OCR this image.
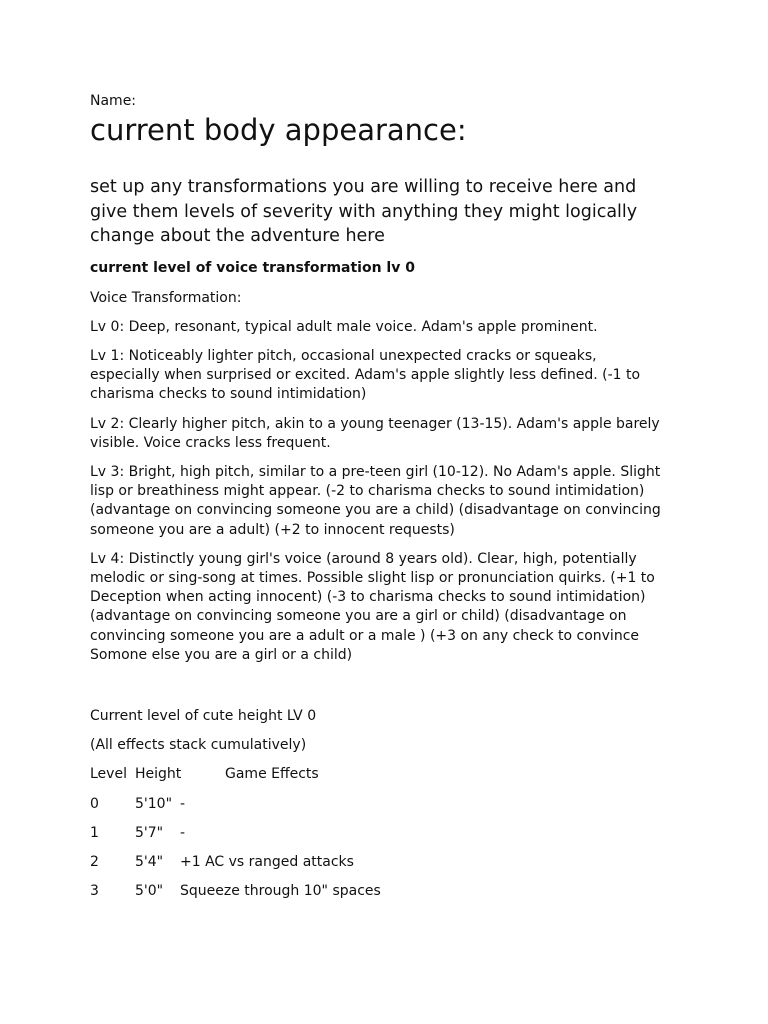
Name:
current body appearance:
set up any transformations you are willing to receive here and give them levels of severity with anything they might logically change about the adventure here
current level of voice transformation lv 0
Voice Transformation:
Lv 0: Deep, resonant, typical adult male voice. Adam's apple prominent.
Lv 1: Noticeably lighter pitch, occasional unexpected cracks or squeaks, especially when surprised or excited. Adam's apple slightly less defined. (-1 to charisma checks to sound intimidation)
Lv 2: Clearly higher pitch, akin to a young teenager (13-15). Adam's apple barely visible. Voice cracks less frequent.
Lv 3: Bright, high pitch, similar to a pre-teen girl (10-12). No Adam's apple. Slight lisp or breathiness might appear. (-2 to charisma checks to sound intimidation) (advantage on convincing someone you are a child) (disadvantage on convincing someone you are a adult) (+2 to innocent requests)
Lv 4: Distinctly young girl's voice (around 8 years old). Clear, high, potentially melodic or sing-song at times. Possible slight lisp or pronunciation quirks. (+1 to Deception when acting innocent) (-3 to charisma checks to sound intimidation) (advantage on convincing someone you are a girl or child) (disadvantage on convincing someone you are a adult or a male ) (+3 on any check to convince Somone else you are a girl or a child)
Current level of cute height LV 0
(All effects stack cumulatively)
Level Height	Game Effects
0	5'10" -
1	5'7"	-
2	5'4"	+1 AC vs ranged attacks
3	5'0"	Squeeze through 10" spaces
